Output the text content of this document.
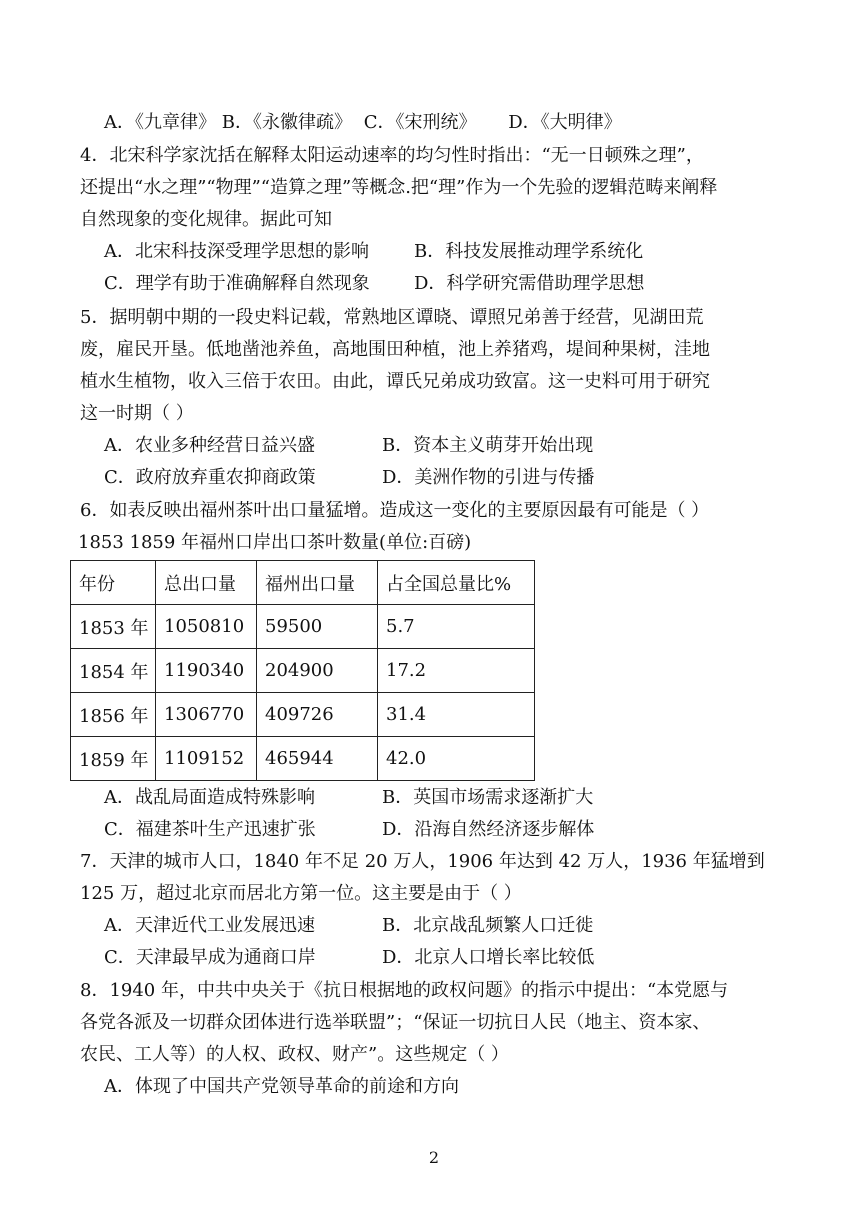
A．《九章律》 B．《永徽律疏》 C．《宋刑统》 D．《大明律》
4．北宋科学家沈括在解释太阳运动速率的均匀性时指出：“无一日顿殊之理”，
还提出“水之理”“物理”“造算之理”等概念.把“理”作为一个先验的逻辑范畴来阐释
自然现象的变化规律。据此可知
A．北宋科技深受理学思想的影响	B．科技发展推动理学系统化
C．理学有助于准确解释自然现象 D．科学研究需借助理学思想
5．据明朝中期的一段史料记载，常熟地区谭晓、谭照兄弟善于经营，见湖田荒
废，雇民开垦。低地凿池养鱼，高地围田种植，池上养猪鸡，堤间种果树，洼地
植水生植物，收入三倍于农田。由此，谭氏兄弟成功致富。这一史料可用于研究
这一时期（ ）
A．农业多种经营日益兴盛	B．资本主义萌芽开始出现
C．政府放弃重农抑商政策	D．美洲作物的引进与传播
6．如表反映出福州茶叶出口量猛增。造成这一变化的主要原因最有可能是（ ）
1853 1859 年福州口岸出口茶叶数量(单位:百磅)
年份	总出口量	福州出口量	占全国总量比%
1853 年	1050810	59500	5.7
1854 年	1190340	204900	17.2
1856 年	1306770	409726	31.4
1859 年	1109152	465944	42.0
A．战乱局面造成特殊影响	B．英国市场需求逐渐扩大
C．福建茶叶生产迅速扩张	D．沿海自然经济逐步解体
7．天津的城市人口，1840 年不足 20 万人，1906 年达到 42 万人，1936 年猛增到
125 万，超过北京而居北方第一位。这主要是由于（ ）
A．天津近代工业发展迅速	B．北京战乱频繁人口迁徙
C．天津最早成为通商口岸	D．北京人口增长率比较低
8．1940 年，中共中央关于《抗日根据地的政权问题》的指示中提出：“本党愿与
各党各派及一切群众团体进行选举联盟”；“保证一切抗日人民（地主、资本家、
农民、工人等）的人权、政权、财产”。这些规定（ ）
A．体现了中国共产党领导革命的前途和方向
2
